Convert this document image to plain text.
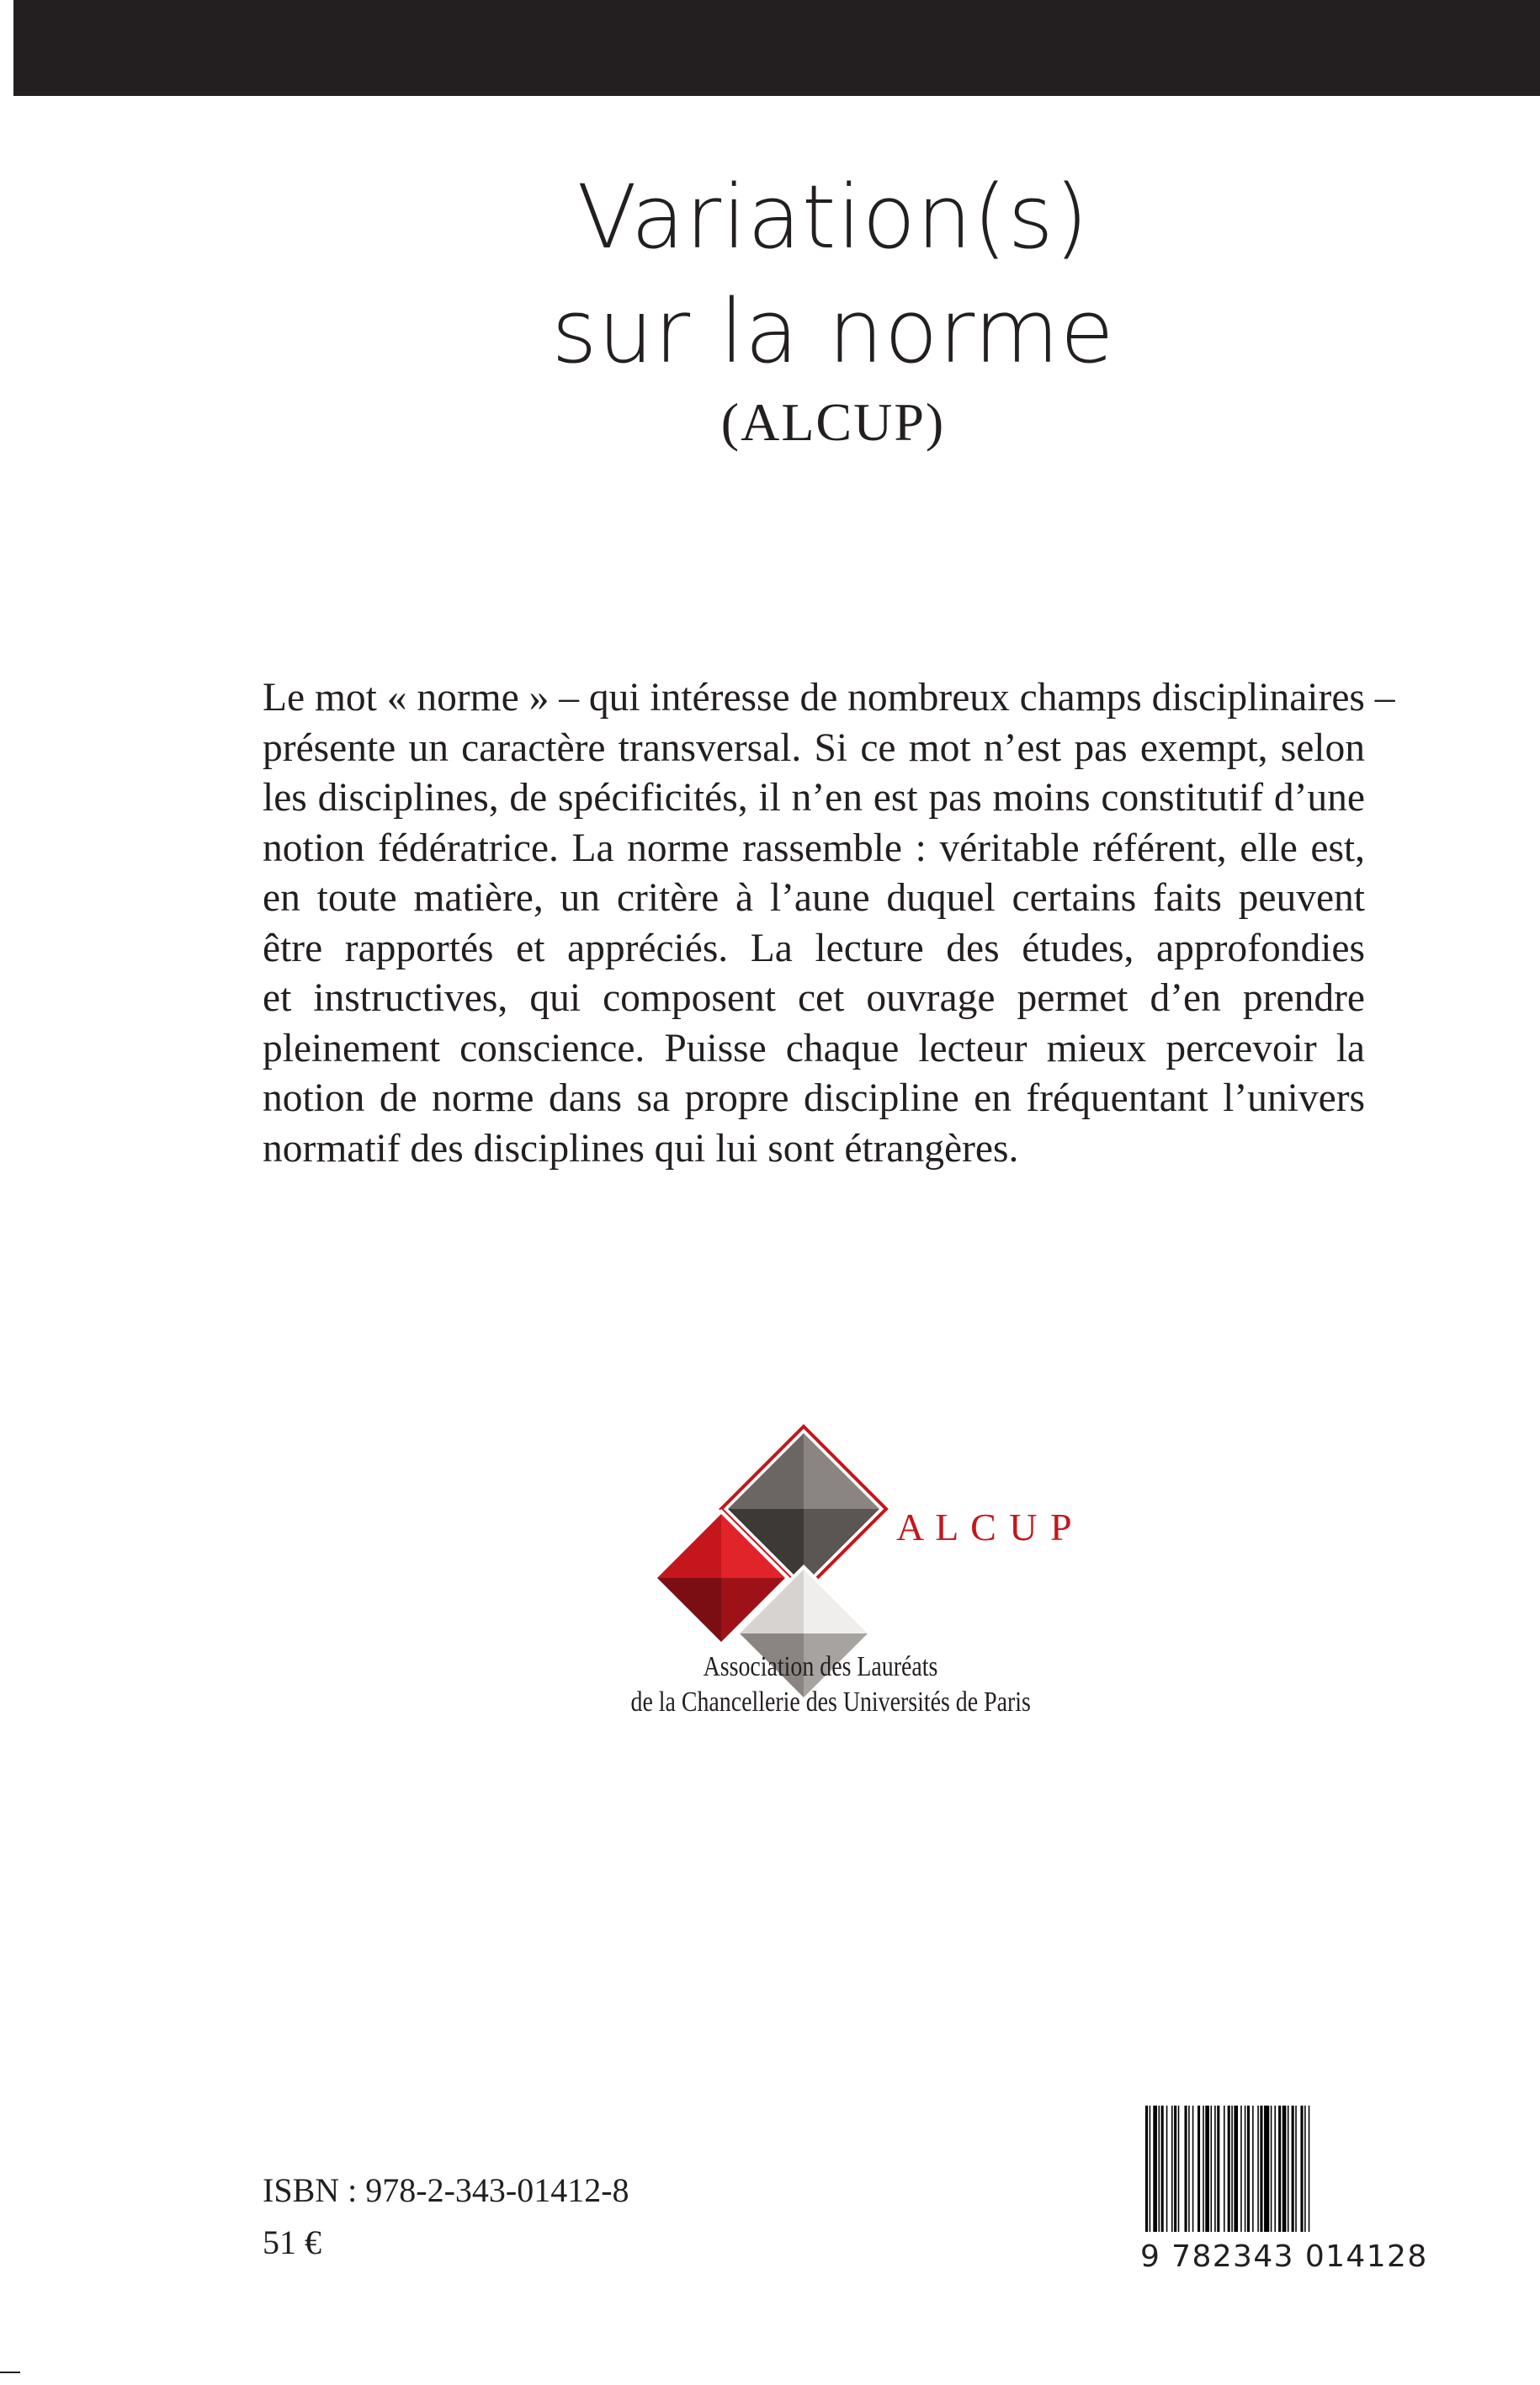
Variation(s)
sur la norme
(ALCUP)
Le mot « norme » – qui intéresse de nombreux champs disciplinaires –
présente un caractère transversal. Si ce mot n’est pas exempt, selon
les disciplines, de spécificités, il n’en est pas moins constitutif d’une
notion fédératrice. La norme rassemble : véritable référent, elle est,
en toute matière, un critère à l’aune duquel certains faits peuvent
être rapportés et appréciés. La lecture des études, approfondies
et instructives, qui composent cet ouvrage permet d’en prendre
pleinement conscience. Puisse chaque lecteur mieux percevoir la
notion de norme dans sa propre discipline en fréquentant l’univers
normatif des disciplines qui lui sont étrangères.
A L C U P
Association des Lauréats
de la Chancellerie des Universités de Paris
ISBN : 978-2-343-01412-8
51 €	9 782343 014128
